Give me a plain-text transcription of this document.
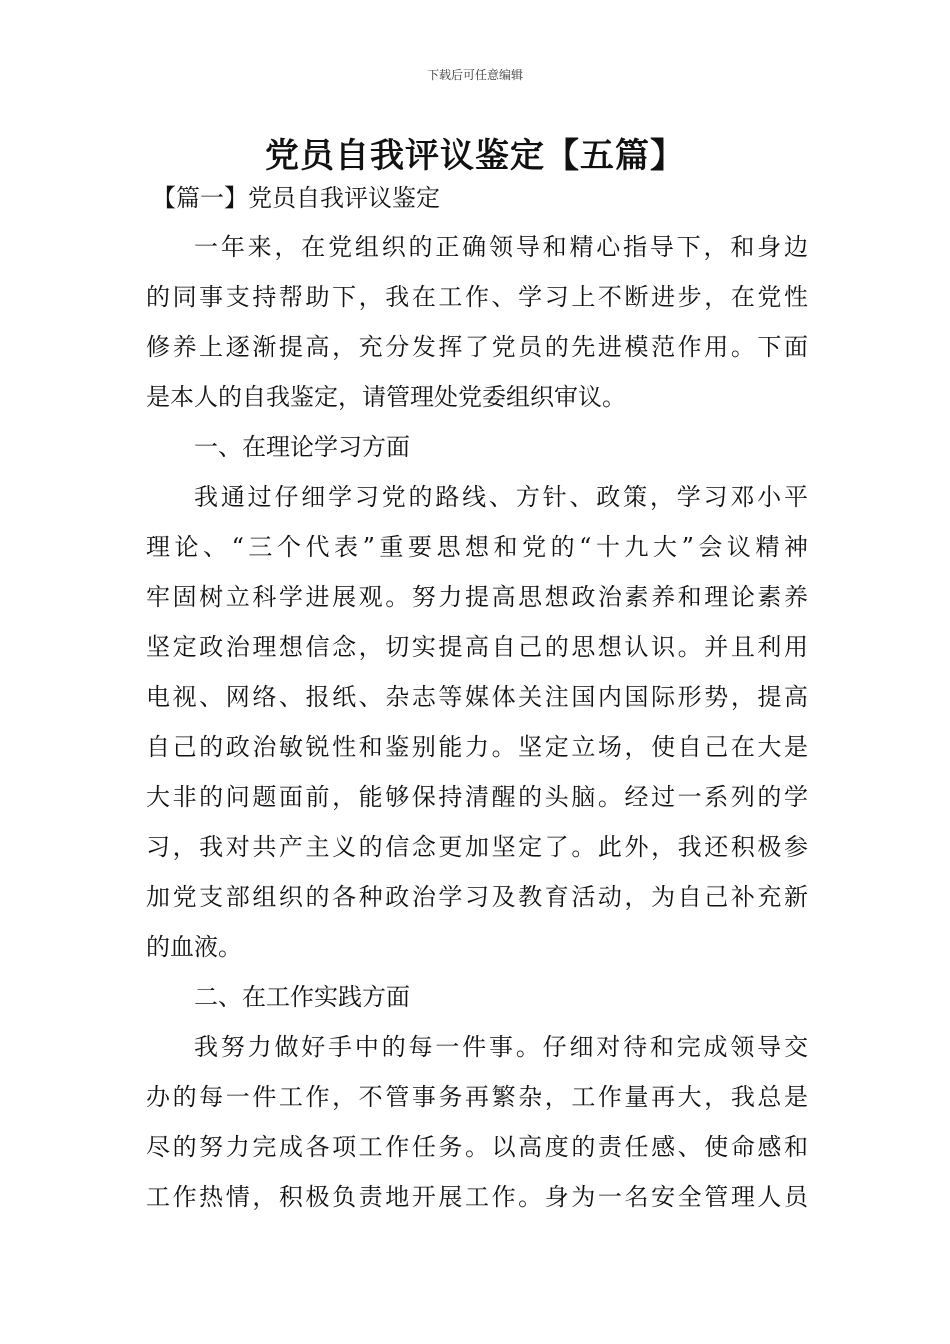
下载后可任意编辑
党员自我评议鉴定【五篇】
【篇一】党员自我评议鉴定
一年来，在党组织的正确领导和精心指导下，和身边
的同事支持帮助下，我在工作、学习上不断进步，在党性
修养上逐渐提高，充分发挥了党员的先进模范作用。下面
是本人的自我鉴定，请管理处党委组织审议。
一、在理论学习方面
我通过仔细学习党的路线、方针、政策，学习邓小平
理论、“三个代表”重要思想和党的“十九大”会议精神
牢固树立科学进展观。努力提高思想政治素养和理论素养
坚定政治理想信念，切实提高自己的思想认识。并且利用
电视、网络、报纸、杂志等媒体关注国内国际形势，提高
自己的政治敏锐性和鉴别能力。坚定立场，使自己在大是
大非的问题面前，能够保持清醒的头脑。经过一系列的学
习，我对共产主义的信念更加坚定了。此外，我还积极参
加党支部组织的各种政治学习及教育活动，为自己补充新
的血液。
二、在工作实践方面
我努力做好手中的每一件事。仔细对待和完成领导交
办的每一件工作，不管事务再繁杂，工作量再大，我总是
尽的努力完成各项工作任务。以高度的责任感、使命感和
工作热情，积极负责地开展工作。身为一名安全管理人员
